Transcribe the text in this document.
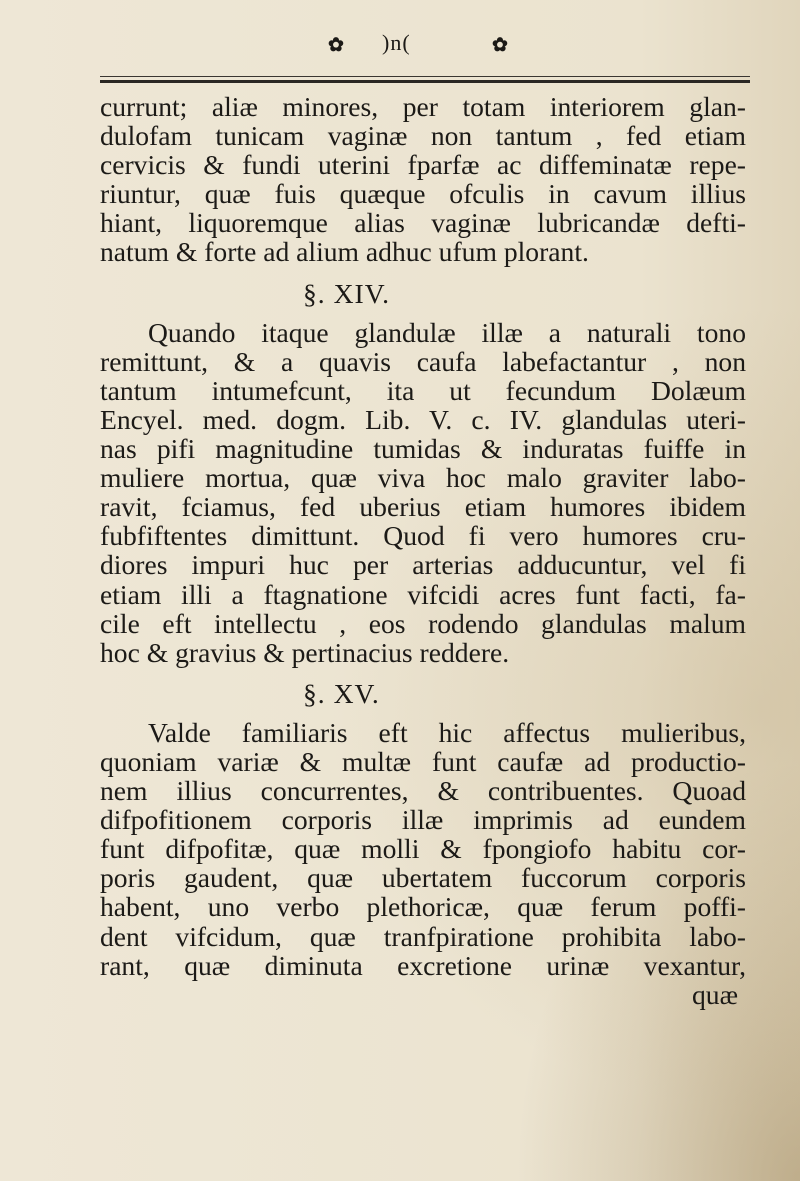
✿ )n(	✿
currunt; aliæ minores, per totam interiorem glan-
dulofam tunicam vaginæ non tantum , fed etiam
cervicis & fundi uterini fparfæ ac diffeminatæ repe-
riuntur, quæ fuis quæque ofculis in cavum illius
hiant, liquoremque alias vaginæ lubricandæ defti-
natum & forte ad alium adhuc ufum plorant.
§. XIV.
Quando itaque glandulæ illæ a naturali tono
remittunt, & a quavis caufa labefactantur , non
tantum intumefcunt, ita ut fecundum Dolæum
Encyel. med. dogm. Lib. V. c. IV. glandulas uteri-
nas pifi magnitudine tumidas & induratas fuiffe in
muliere mortua, quæ viva hoc malo graviter labo-
ravit, fciamus, fed uberius etiam humores ibidem
fubfiftentes dimittunt. Quod fi vero humores cru-
diores impuri huc per arterias adducuntur, vel fi
etiam illi a ftagnatione vifcidi acres funt facti, fa-
cile eft intellectu , eos rodendo glandulas malum
hoc & gravius & pertinacius reddere.
§. XV.
Valde familiaris eft hic affectus mulieribus,
quoniam variæ & multæ funt caufæ ad productio-
nem illius concurrentes, & contribuentes. Quoad
difpofitionem corporis illæ imprimis ad eundem
funt difpofitæ, quæ molli & fpongiofo habitu cor-
poris gaudent, quæ ubertatem fuccorum corporis
habent, uno verbo plethoricæ, quæ ferum poffi-
dent vifcidum, quæ tranfpiratione prohibita labo-
rant, quæ diminuta excretione urinæ vexantur,
quæ
